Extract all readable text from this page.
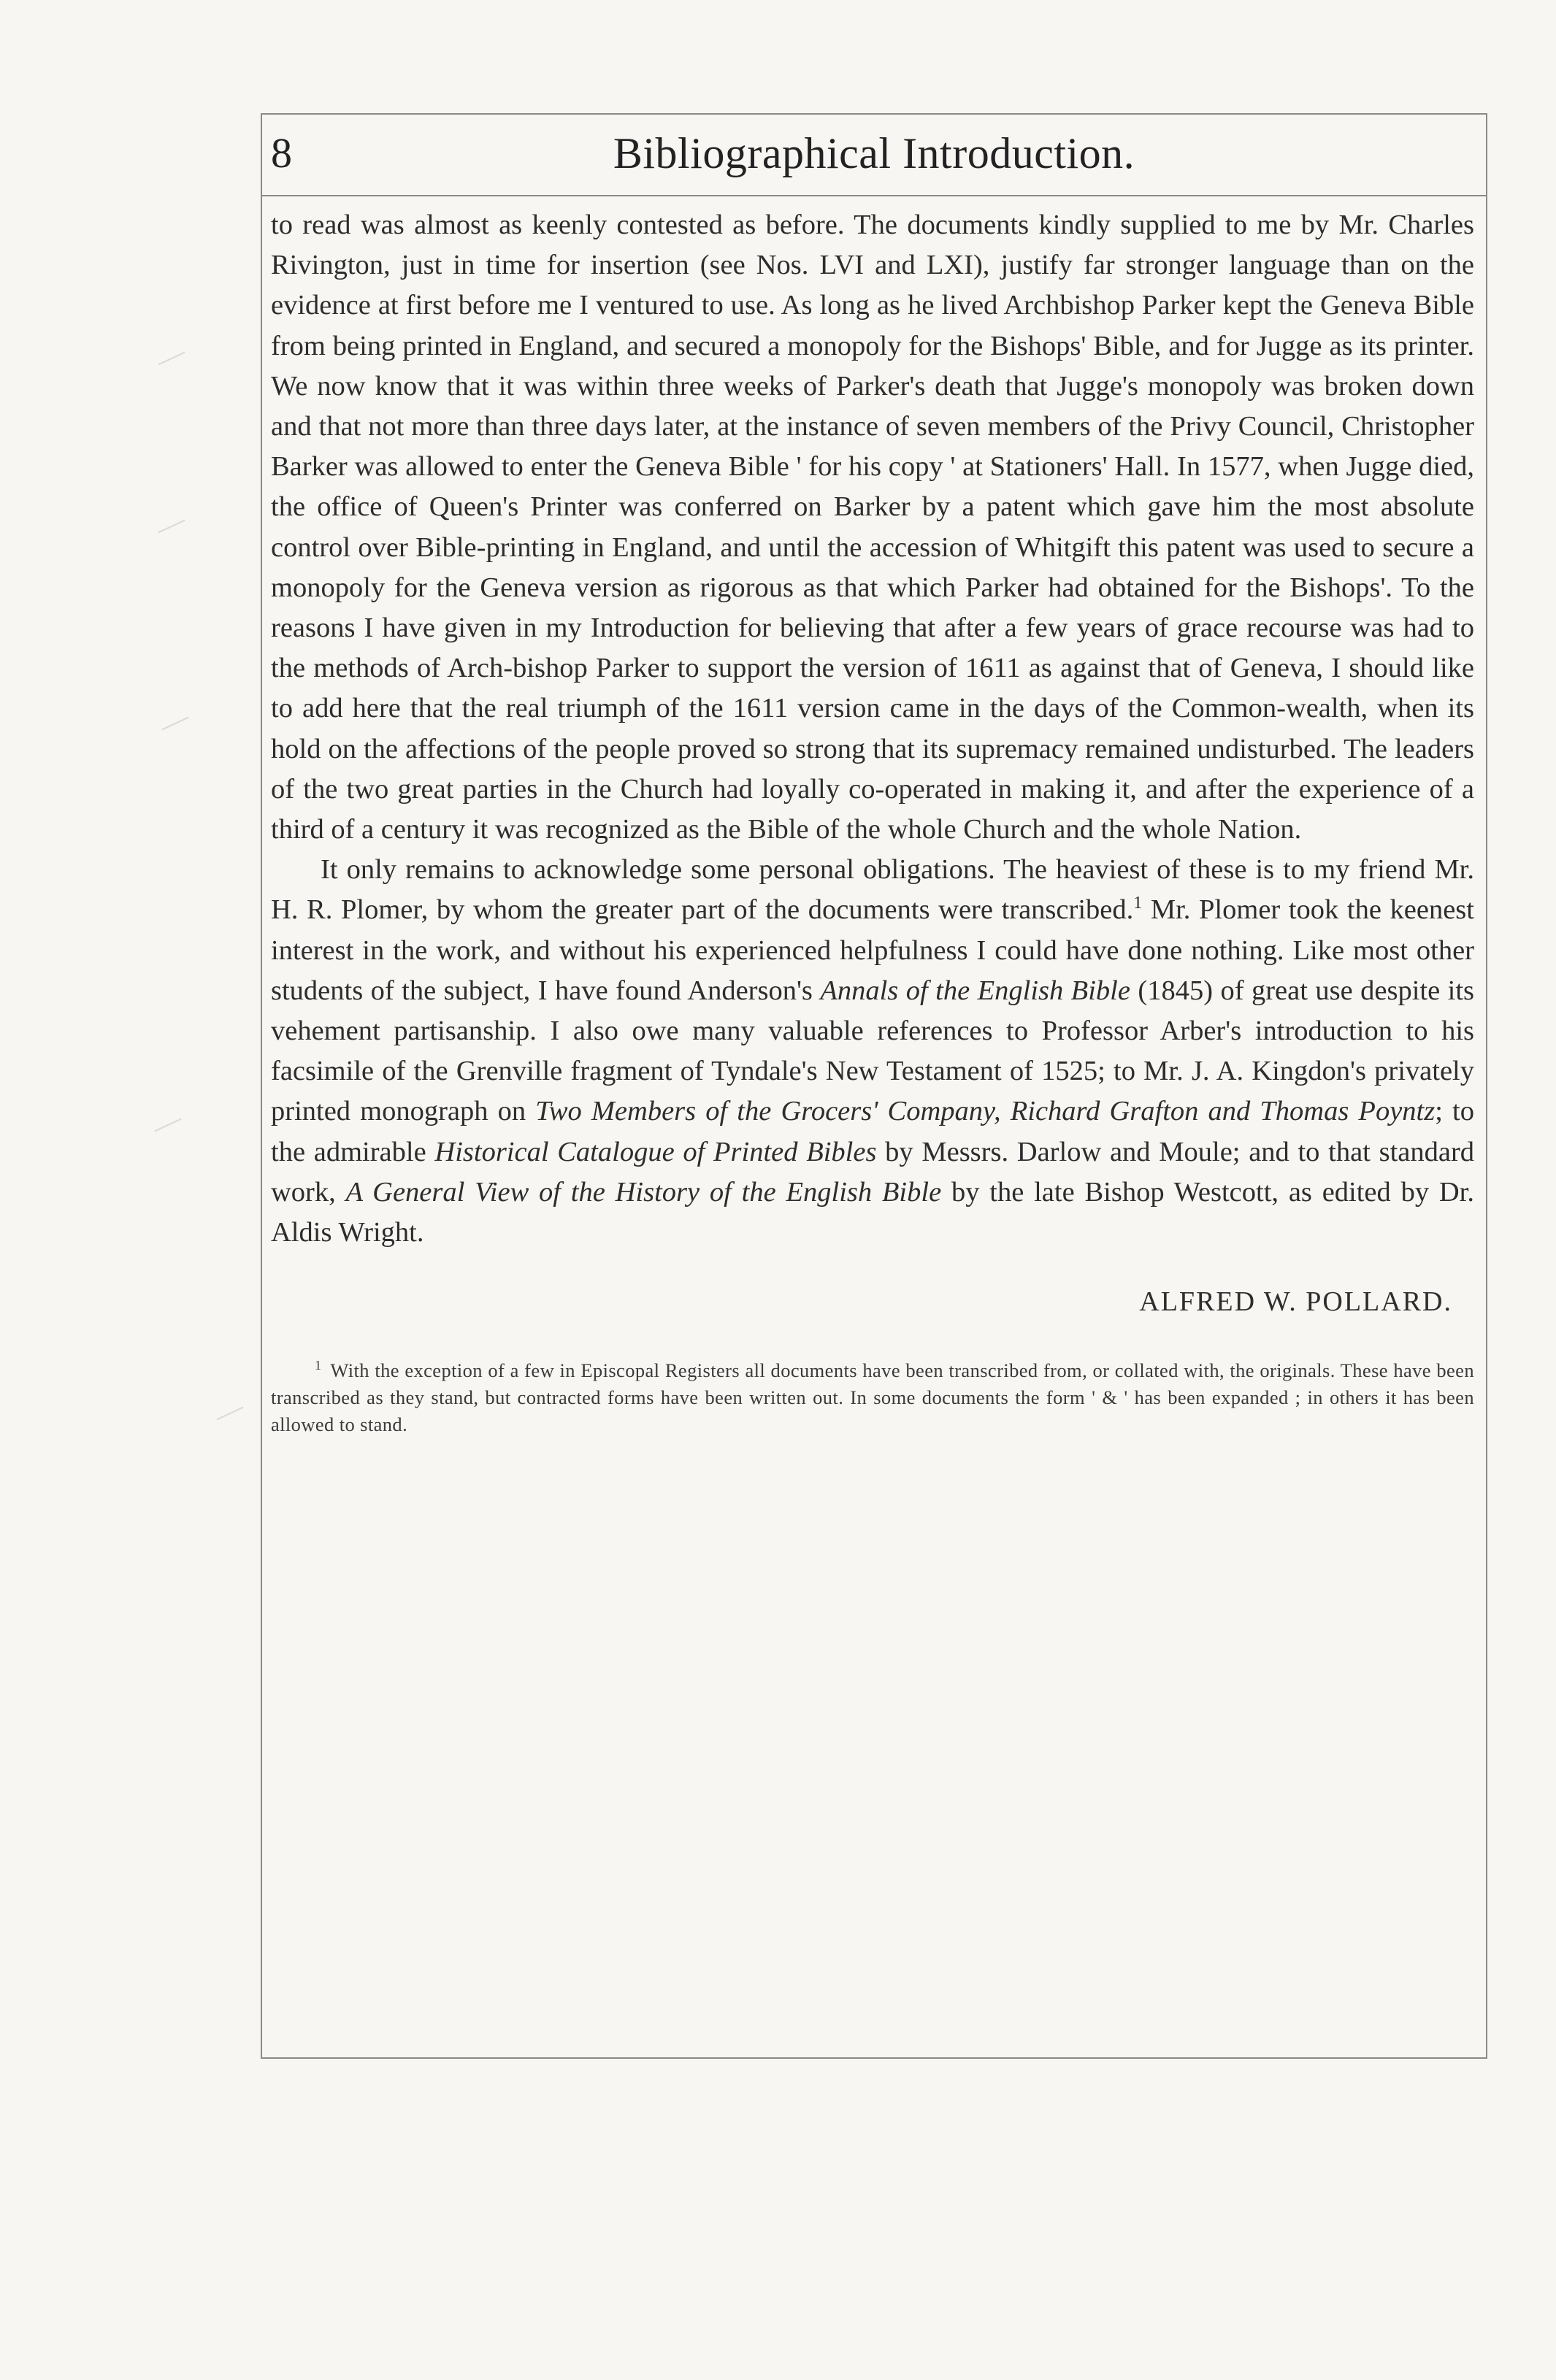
8	Bibliographical Introduction.

to read was almost as keenly contested as before. The documents kindly supplied to me by Mr. Charles Rivington, just in time for insertion (see Nos. LVI and LXI), justify far stronger language than on the evidence at first before me I ventured to use. As long as he lived Archbishop Parker kept the Geneva Bible from being printed in England, and secured a monopoly for the Bishops' Bible, and for Jugge as its printer. We now know that it was within three weeks of Parker's death that Jugge's monopoly was broken down and that not more than three days later, at the instance of seven members of the Privy Council, Christopher Barker was allowed to enter the Geneva Bible ' for his copy ' at Stationers' Hall. In 1577, when Jugge died, the office of Queen's Printer was conferred on Barker by a patent which gave him the most absolute control over Bible-printing in England, and until the accession of Whitgift this patent was used to secure a monopoly for the Geneva version as rigorous as that which Parker had obtained for the Bishops'. To the reasons I have given in my Introduction for believing that after a few years of grace recourse was had to the methods of Arch-bishop Parker to support the version of 1611 as against that of Geneva, I should like to add here that the real triumph of the 1611 version came in the days of the Common-wealth, when its hold on the affections of the people proved so strong that its supremacy remained undisturbed. The leaders of the two great parties in the Church had loyally co-operated in making it, and after the experience of a third of a century it was recognized as the Bible of the whole Church and the whole Nation.

It only remains to acknowledge some personal obligations. The heaviest of these is to my friend Mr. H. R. Plomer, by whom the greater part of the documents were transcribed.$^1$ Mr. Plomer took the keenest interest in the work, and without his experienced helpfulness I could have done nothing. Like most other students of the subject, I have found Anderson's Annals of the English Bible (1845) of great use despite its vehement partisanship. I also owe many valuable references to Professor Arber's introduction to his facsimile of the Grenville fragment of Tyndale's New Testament of 1525; to Mr. J. A. Kingdon's privately printed monograph on Two Members of the Grocers' Company, Richard Grafton and Thomas Poyntz; to the admirable Historical Catalogue of Printed Bibles by Messrs. Darlow and Moule; and to that standard work, A General View of the History of the English Bible by the late Bishop Westcott, as edited by Dr. Aldis Wright.

ALFRED W. POLLARD.

$^1$ With the exception of a few in Episcopal Registers all documents have been transcribed from, or collated with, the originals. These have been transcribed as they stand, but contracted forms have been written out. In some documents the form ' & ' has been expanded ; in others it has been allowed to stand.
